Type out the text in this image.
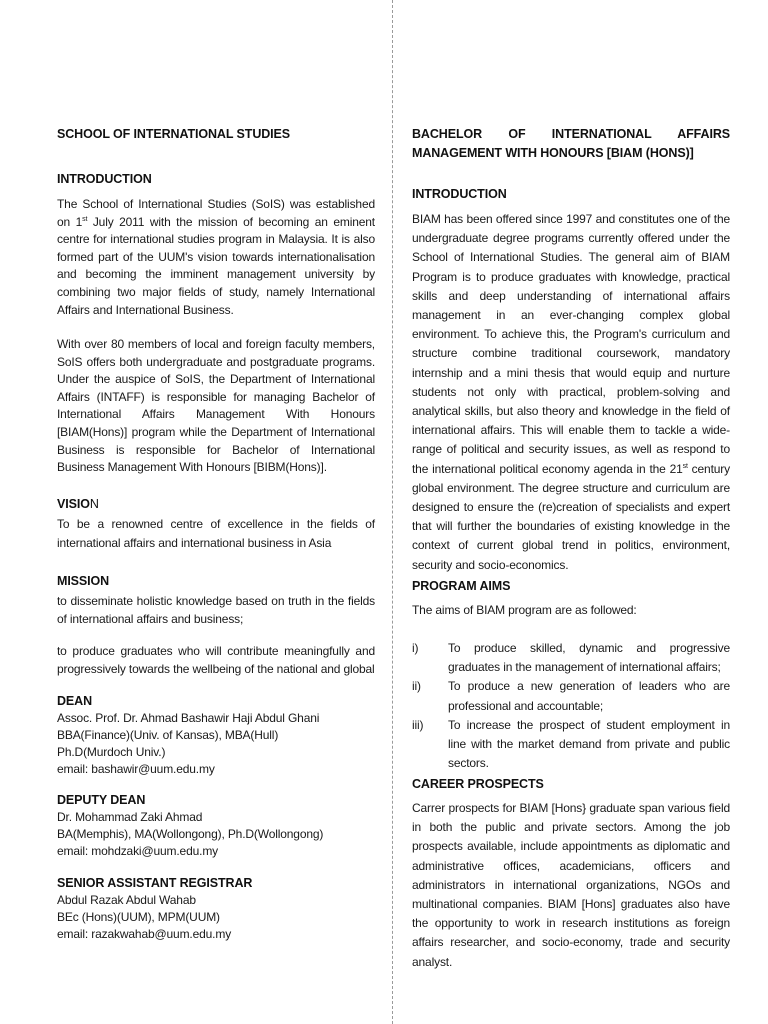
SCHOOL OF INTERNATIONAL STUDIES
INTRODUCTION

The School of International Studies (SoIS) was established on 1st July 2011 with the mission of becoming an eminent centre for international studies program in Malaysia. It is also formed part of the UUM's vision towards internationalisation and becoming the imminent management university by combining two major fields of study, namely International Affairs and International Business.

With over 80 members of local and foreign faculty members, SoIS offers both undergraduate and postgraduate programs. Under the auspice of SoIS, the Department of International Affairs (INTAFF) is responsible for managing Bachelor of International Affairs Management With Honours [BIAM(Hons)] program while the Department of International Business is responsible for Bachelor of International Business Management With Honours [BIBM(Hons)].

VISION

To be a renowned centre of excellence in the fields of international affairs and international business in Asia

MISSION

to disseminate holistic knowledge based on truth in the fields of international affairs and business;

to produce graduates who will contribute meaningfully and progressively towards the wellbeing of the national and global

DEAN
Assoc. Prof. Dr. Ahmad Bashawir Haji Abdul Ghani
BBA(Finance)(Univ. of Kansas), MBA(Hull)
Ph.D(Murdoch Univ.)
email: bashawir@uum.edu.my
DEPUTY DEAN
Dr. Mohammad Zaki Ahmad
BA(Memphis), MA(Wollongong), Ph.D(Wollongong)
email: mohdzaki@uum.edu.my
SENIOR ASSISTANT REGISTRAR
Abdul Razak Abdul Wahab
BEc (Hons)(UUM), MPM(UUM)
email: razakwahab@uum.edu.my
BACHELOR OF INTERNATIONAL AFFAIRS MANAGEMENT WITH HONOURS [BIAM (HONS)]
INTRODUCTION

BIAM has been offered since 1997 and constitutes one of the undergraduate degree programs currently offered under the School of International Studies. The general aim of BIAM Program is to produce graduates with knowledge, practical skills and deep understanding of international affairs management in an ever-changing complex global environment. To achieve this, the Program's curriculum and structure combine traditional coursework, mandatory internship and a mini thesis that would equip and nurture students not only with practical, problem-solving and analytical skills, but also theory and knowledge in the field of international affairs. This will enable them to tackle a wide-range of political and security issues, as well as respond to the international political economy agenda in the 21st century global environment. The degree structure and curriculum are designed to ensure the (re)creation of specialists and expert that will further the boundaries of existing knowledge in the context of current global trend in politics, environment, security and socio-economics.

PROGRAM AIMS

The aims of BIAM program are as followed:

i) To produce skilled, dynamic and progressive graduates in the management of international affairs;
ii) To produce a new generation of leaders who are professional and accountable;
iii) To increase the prospect of student employment in line with the market demand from private and public sectors.
CAREER PROSPECTS

Carrer prospects for BIAM [Hons} graduate span various field in both the public and private sectors. Among the job prospects available, include appointments as diplomatic and administrative offices, academicians, officers and administrators in international organizations, NGOs and multinational companies. BIAM [Hons] graduates also have the opportunity to work in research institutions as foreign affairs researcher, and socio-economy, trade and security analyst.
